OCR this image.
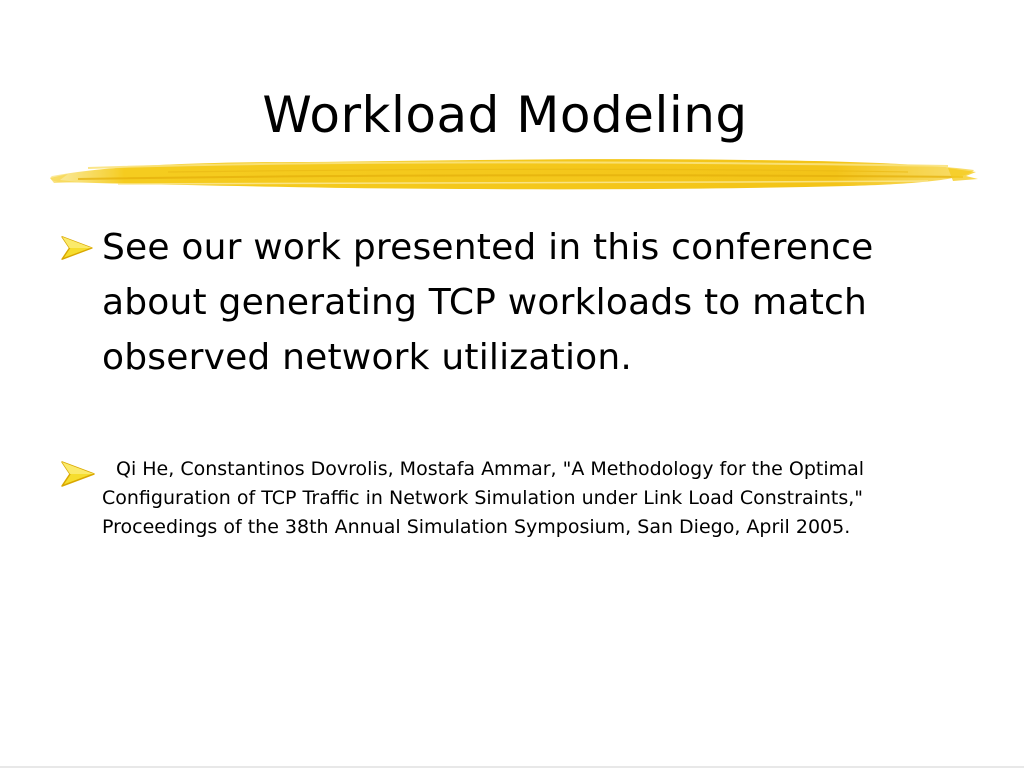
Workload Modeling
See our work presented in this conference about generating TCP workloads to match observed network utilization.
Qi He, Constantinos Dovrolis, Mostafa Ammar, "A Methodology for the Optimal Configuration of TCP Traffic in Network Simulation under Link Load Constraints," Proceedings of the 38th Annual Simulation Symposium, San Diego, April 2005.
